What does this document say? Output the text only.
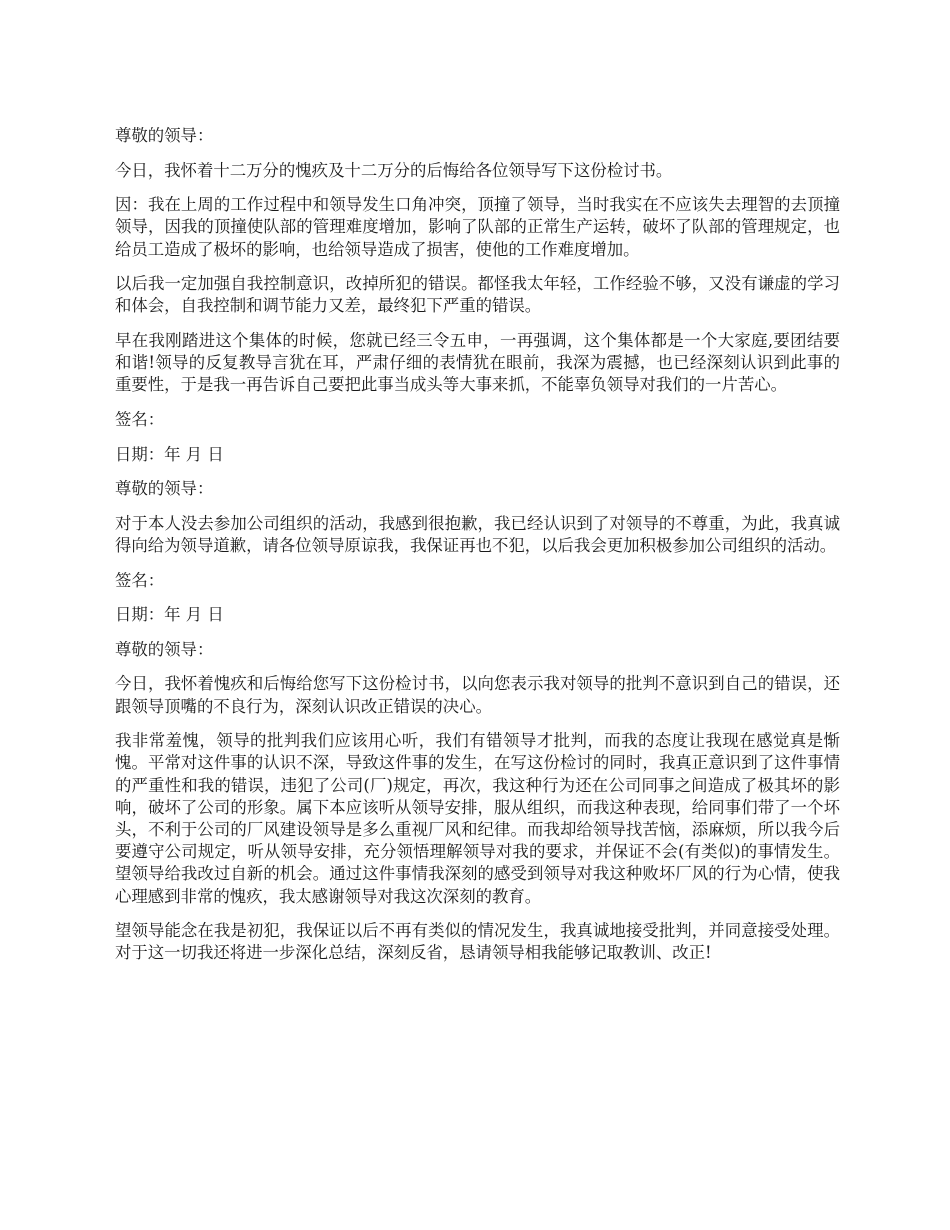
尊敬的领导：

今日，我怀着十二万分的愧疚及十二万分的后悔给各位领导写下这份检讨书。

因：我在上周的工作过程中和领导发生口角冲突，顶撞了领导，当时我实在不应该失去理智的去顶撞领导，因我的顶撞使队部的管理难度增加，影响了队部的正常生产运转，破坏了队部的管理规定，也给员工造成了极坏的影响，也给领导造成了损害，使他的工作难度增加。

以后我一定加强自我控制意识，改掉所犯的错误。都怪我太年轻，工作经验不够，又没有谦虚的学习和体会，自我控制和调节能力又差，最终犯下严重的错误。

早在我刚踏进这个集体的时候，您就已经三令五申，一再强调，这个集体都是一个大家庭,要团结要和谐!领导的反复教导言犹在耳，严肃仔细的表情犹在眼前，我深为震撼，也已经深刻认识到此事的重要性，于是我一再告诉自己要把此事当成头等大事来抓，不能辜负领导对我们的一片苦心。

签名：

日期：年 月 日

尊敬的领导：

对于本人没去参加公司组织的活动，我感到很抱歉，我已经认识到了对领导的不尊重，为此，我真诚得向给为领导道歉，请各位领导原谅我，我保证再也不犯，以后我会更加积极参加公司组织的活动。

签名：

日期：年 月 日

尊敬的领导：

今日，我怀着愧疚和后悔给您写下这份检讨书，以向您表示我对领导的批判不意识到自己的错误，还跟领导顶嘴的不良行为，深刻认识改正错误的决心。

我非常羞愧，领导的批判我们应该用心听，我们有错领导才批判，而我的态度让我现在感觉真是惭愧。平常对这件事的认识不深，导致这件事的发生，在写这份检讨的同时，我真正意识到了这件事情的严重性和我的错误，违犯了公司(厂)规定，再次，我这种行为还在公司同事之间造成了极其坏的影响，破坏了公司的形象。属下本应该听从领导安排，服从组织，而我这种表现，给同事们带了一个坏头，不利于公司的厂风建设领导是多么重视厂风和纪律。而我却给领导找苦恼，添麻烦，所以我今后要遵守公司规定，听从领导安排，充分领悟理解领导对我的要求，并保证不会(有类似)的事情发生。望领导给我改过自新的机会。通过这件事情我深刻的感受到领导对我这种败坏厂风的行为心情，使我心理感到非常的愧疚，我太感谢领导对我这次深刻的教育。

望领导能念在我是初犯，我保证以后不再有类似的情况发生，我真诚地接受批判，并同意接受处理。对于这一切我还将进一步深化总结，深刻反省，恳请领导相我能够记取教训、改正!
